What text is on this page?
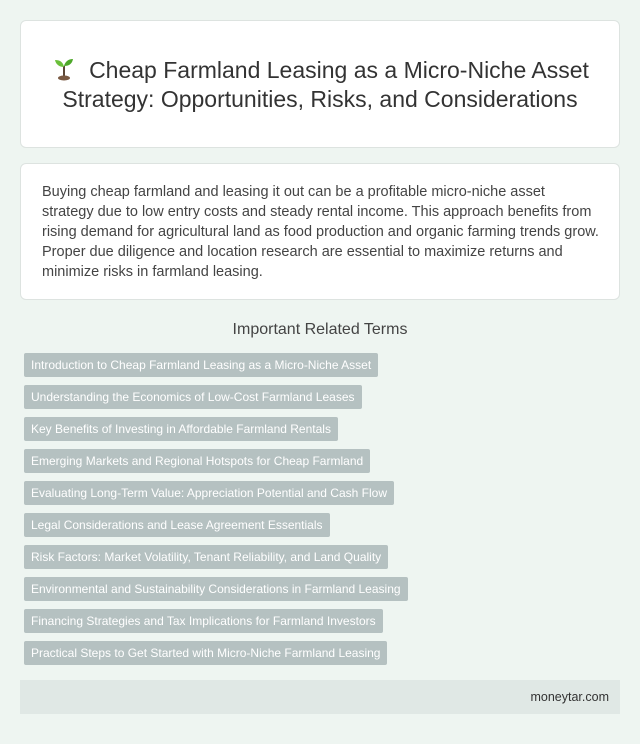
Cheap Farmland Leasing as a Micro-Niche Asset Strategy: Opportunities, Risks, and Considerations

Buying cheap farmland and leasing it out can be a profitable micro-niche asset strategy due to low entry costs and steady rental income. This approach benefits from rising demand for agricultural land as food production and organic farming trends grow. Proper due diligence and location research are essential to maximize returns and minimize risks in farmland leasing.

Important Related Terms
Introduction to Cheap Farmland Leasing as a Micro-Niche Asset
Understanding the Economics of Low-Cost Farmland Leases
Key Benefits of Investing in Affordable Farmland Rentals
Emerging Markets and Regional Hotspots for Cheap Farmland
Evaluating Long-Term Value: Appreciation Potential and Cash Flow
Legal Considerations and Lease Agreement Essentials
Risk Factors: Market Volatility, Tenant Reliability, and Land Quality
Environmental and Sustainability Considerations in Farmland Leasing
Financing Strategies and Tax Implications for Farmland Investors
Practical Steps to Get Started with Micro-Niche Farmland Leasing
moneytar.com
